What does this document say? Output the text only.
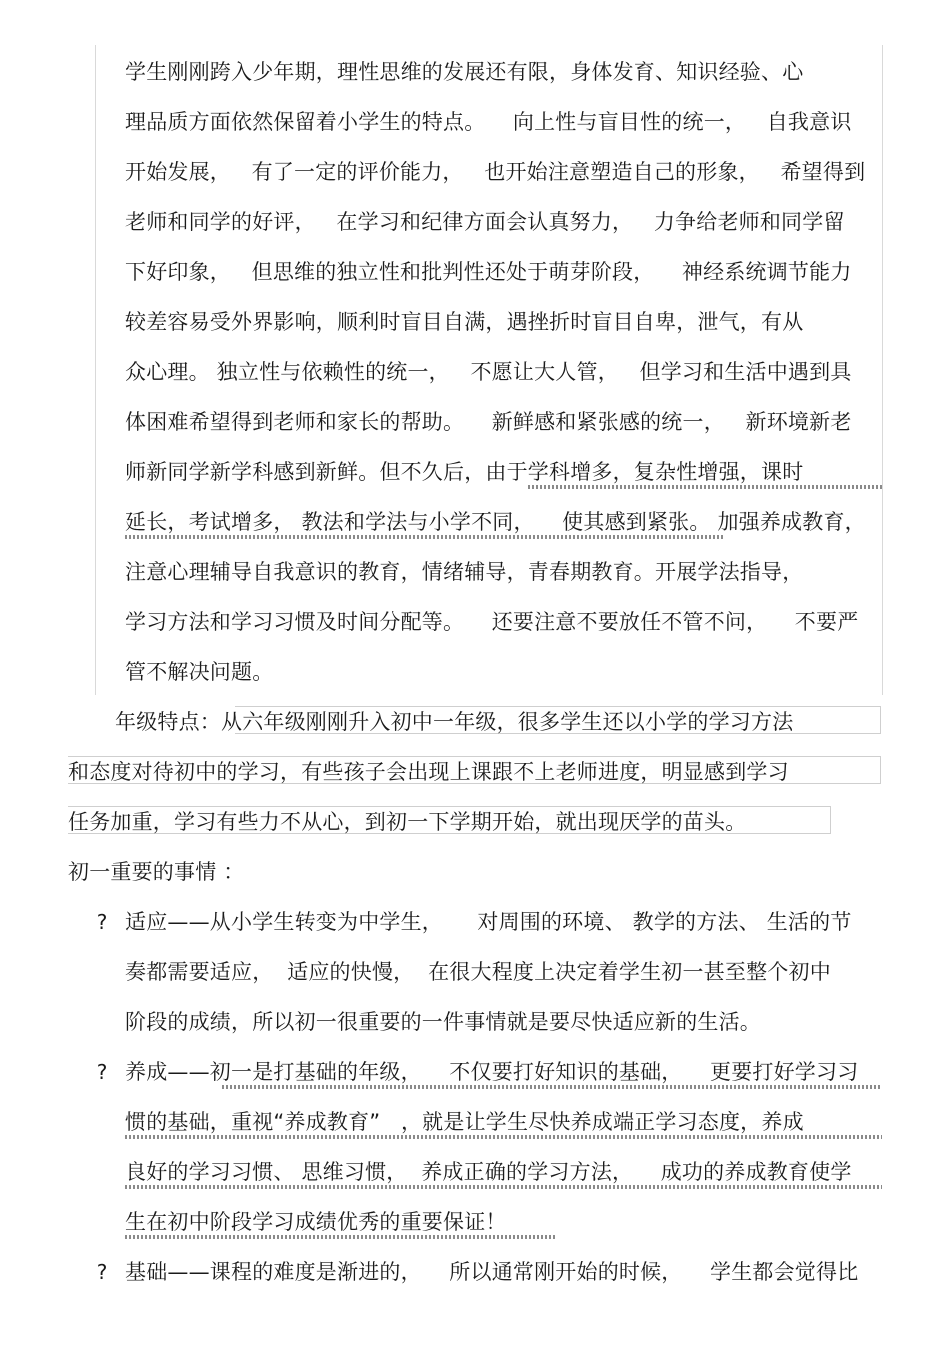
学生刚刚跨入少年期，理性思维的发展还有限，身体发育、知识经验、心
理品质方面依然保留着小学生的特点。    向上性与盲目性的统一，   自我意识
开始发展，   有了一定的评价能力，   也开始注意塑造自己的形象，   希望得到
老师和同学的好评，   在学习和纪律方面会认真努力，   力争给老师和同学留
下好印象，   但思维的独立性和批判性还处于萌芽阶段，    神经系统调节能力
较差容易受外界影响，顺利时盲目自满，遇挫折时盲目自卑，泄气，有从
众心理。 独立性与依赖性的统一，   不愿让大人管，   但学习和生活中遇到具
体困难希望得到老师和家长的帮助。    新鲜感和紧张感的统一，   新环境新老
师新同学新学科感到新鲜。但不久后，由于学科增多，复杂性增强，课时
延长，考试增多， 教法和学法与小学不同，    使其感到紧张。 加强养成教育，
注意心理辅导自我意识的教育，情绪辅导，青春期教育。开展学法指导，
学习方法和学习习惯及时间分配等。    还要注意不要放任不管不问，    不要严
管不解决问题。
年级特点：从六年级刚刚升入初中一年级，很多学生还以小学的学习方法
和态度对待初中的学习，有些孩子会出现上课跟不上老师进度，明显感到学习
任务加重，学习有些力不从心，到初一下学期开始，就出现厌学的苗头。
初一重要的事情 ：
? 适应——从小学生转变为中学生，     对周围的环境、 教学的方法、 生活的节
奏都需要适应，  适应的快慢，  在很大程度上决定着学生初一甚至整个初中
阶段的成绩，所以初一很重要的一件事情就是要尽快适应新的生活。
? 养成——初一是打基础的年级，    不仅要打好知识的基础，    更要打好学习习
惯的基础，重视“养成教育”   ，就是让学生尽快养成端正学习态度，养成
良好的学习习惯、 思维习惯，  养成正确的学习方法，    成功的养成教育使学
生在初中阶段学习成绩优秀的重要保证！
? 基础——课程的难度是渐进的，    所以通常刚开始的时候，    学生都会觉得比
